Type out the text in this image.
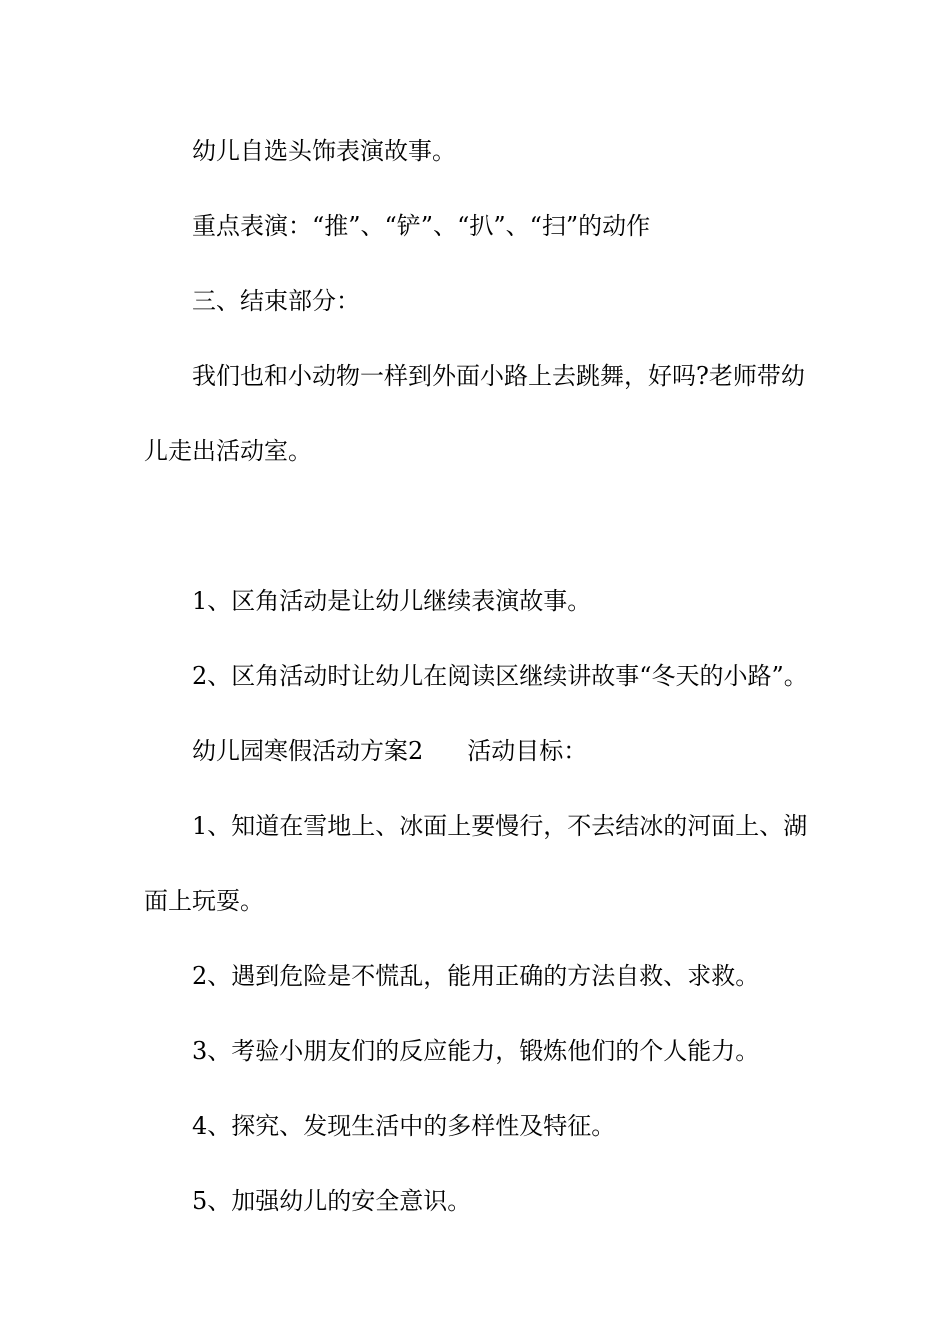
幼儿自选头饰表演故事。
重点表演：“推”、“铲”、“扒”、“扫”的动作
三、结束部分：
我们也和小动物一样到外面小路上去跳舞，好吗?老师带幼
儿走出活动室。
1、区角活动是让幼儿继续表演故事。
2、区角活动时让幼儿在阅读区继续讲故事“冬天的小路”。
幼儿园寒假活动方案2 活动目标：
1、知道在雪地上、冰面上要慢行，不去结冰的河面上、湖
面上玩耍。
2、遇到危险是不慌乱，能用正确的方法自救、求救。
3、考验小朋友们的反应能力，锻炼他们的个人能力。
4、探究、发现生活中的多样性及特征。
5、加强幼儿的安全意识。
